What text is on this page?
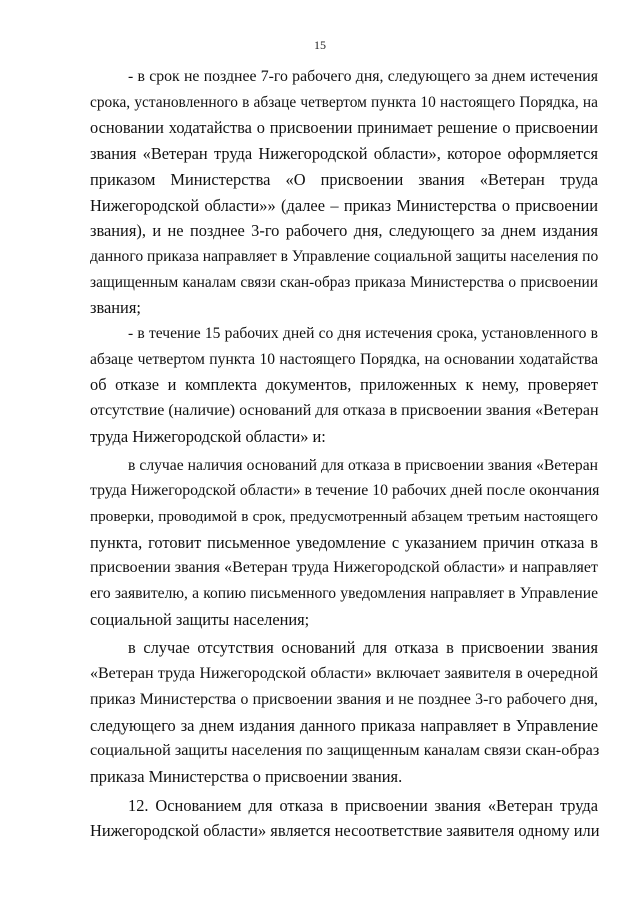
15
- в срок не позднее 7-го рабочего дня, следующего за днем истечения
срока, установленного в абзаце четвертом пункта 10 настоящего Порядка, на
основании ходатайства о присвоении принимает решение о присвоении
звания «Ветеран труда Нижегородской области», которое оформляется
приказом Министерства «О присвоении звания «Ветеран труда
Нижегородской области»» (далее – приказ Министерства о присвоении
звания), и не позднее 3-го рабочего дня, следующего за днем издания
данного приказа направляет в Управление социальной защиты населения по
защищенным каналам связи скан-образ приказа Министерства о присвоении
звания;
- в течение 15 рабочих дней со дня истечения срока, установленного в
абзаце четвертом пункта 10 настоящего Порядка, на основании ходатайства
об отказе и комплекта документов, приложенных к нему, проверяет
отсутствие (наличие) оснований для отказа в присвоении звания «Ветеран
труда Нижегородской области» и:
в случае наличия оснований для отказа в присвоении звания «Ветеран
труда Нижегородской области» в течение 10 рабочих дней после окончания
проверки, проводимой в срок, предусмотренный абзацем третьим настоящего
пункта, готовит письменное уведомление с указанием причин отказа в
присвоении звания «Ветеран труда Нижегородской области» и направляет
его заявителю, а копию письменного уведомления направляет в Управление
социальной защиты населения;
в случае отсутствия оснований для отказа в присвоении звания
«Ветеран труда Нижегородской области» включает заявителя в очередной
приказ Министерства о присвоении звания и не позднее 3-го рабочего дня,
следующего за днем издания данного приказа направляет в Управление
социальной защиты населения по защищенным каналам связи скан-образ
приказа Министерства о присвоении звания.
12. Основанием для отказа в присвоении звания «Ветеран труда
Нижегородской области» является несоответствие заявителя одному или
